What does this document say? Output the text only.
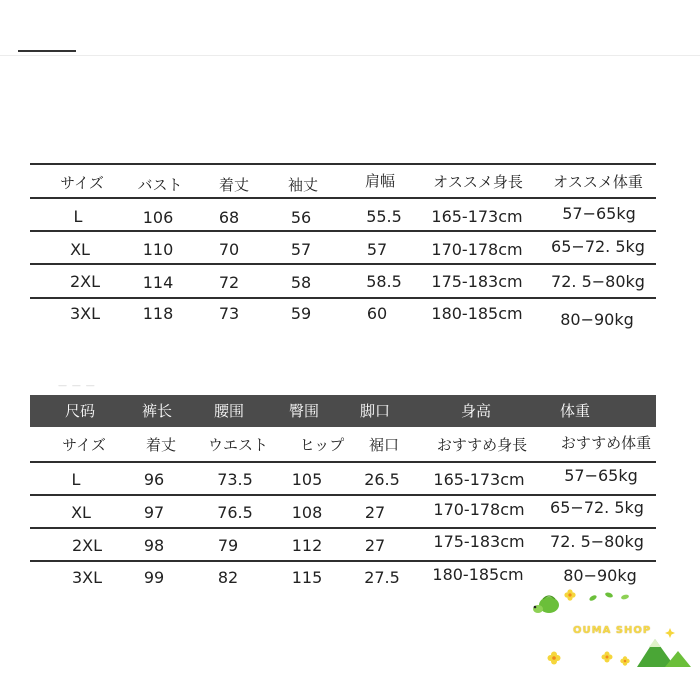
サイズ バスト 着丈	袖丈	肩幅	オススメ身長 オススメ体重
L	106	68	56	55.5 165-173cm 57−65kg
XL	110	70	57	57	170-178cm 65−72. 5kg
2XL	114	72	58	58.5 175-183cm 72. 5−80kg
3XL	118	73	59	60	180-185cm 80−90kg
— — —
尺码	裤长	腰围	臀围	脚口	身高	体重
サイズ	着丈 ウエスト ヒップ 裾口	おすすめ身長 おすすめ体重
L	96	73.5 105	26.5 165-173cm 57−65kg
XL	97	76.5 108	27	170-178cm 65−72. 5kg
2XL	98	79	112	27	175-183cm 72. 5−80kg
3XL	99	82	115	27.5 180-185cm 80−90kg
OUMA SHOP
